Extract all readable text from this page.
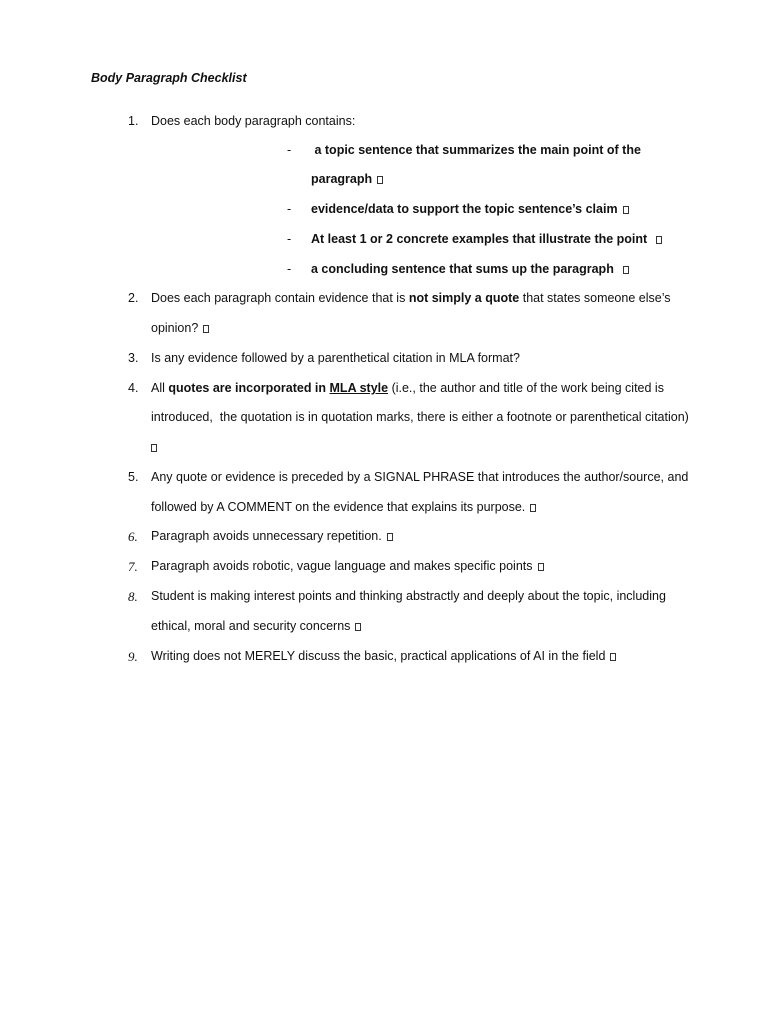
Body Paragraph Checklist
1. Does each body paragraph contains:
- a topic sentence that summarizes the main point of the
paragraph
- evidence/data to support the topic sentence’s claim
- At least 1 or 2 concrete examples that illustrate the point
- a concluding sentence that sums up the paragraph
2. Does each paragraph contain evidence that is not simply a quote that states someone else’s
opinion?
3. Is any evidence followed by a parenthetical citation in MLA format?
4. All quotes are incorporated in MLA style (i.e., the author and title of the work being cited is
introduced,  the quotation is in quotation marks, there is either a footnote or parenthetical citation)
5. Any quote or evidence is preceded by a SIGNAL PHRASE that introduces the author/source, and
followed by A COMMENT on the evidence that explains its purpose.
6. Paragraph avoids unnecessary repetition.
7. Paragraph avoids robotic, vague language and makes specific points
8. Student is making interest points and thinking abstractly and deeply about the topic, including
ethical, moral and security concerns
9. Writing does not MERELY discuss the basic, practical applications of AI in the field
